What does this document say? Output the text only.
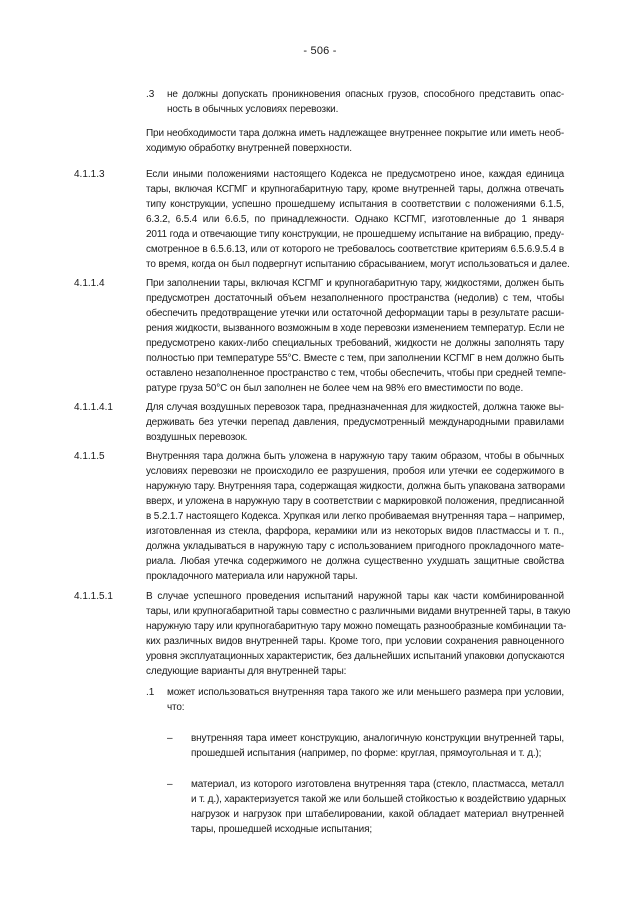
- 506 -
.3 не должны допускать проникновения опасных грузов, способного представить опас-
ность в обычных условиях перевозки.
При необходимости тара должна иметь надлежащее внутреннее покрытие или иметь необ-
ходимую обработку внутренней поверхности.
4.1.1.3	Если иными положениями настоящего Кодекса не предусмотрено иное, каждая единица
тары, включая КСГМГ и крупногабаритную тару, кроме внутренней тары, должна отвечать
типу конструкции, успешно прошедшему испытания в соответствии с положениями 6.1.5,
6.3.2, 6.5.4 или 6.6.5, по принадлежности. Однако КСГМГ, изготовленные до 1 января
2011 года и отвечающие типу конструкции, не прошедшему испытание на вибрацию, преду-
смотренное в 6.5.6.13, или от которого не требовалось соответствие критериям 6.5.6.9.5.4 в
то время, когда он был подвергнут испытанию сбрасыванием, могут использоваться и далее.
4.1.1.4	При заполнении тары, включая КСГМГ и крупногабаритную тару, жидкостями, должен быть
предусмотрен достаточный объем незаполненного пространства (недолив) с тем, чтобы
обеспечить предотвращение утечки или остаточной деформации тары в результате расши-
рения жидкости, вызванного возможным в ходе перевозки изменением температур. Если не
предусмотрено каких-либо специальных требований, жидкости не должны заполнять тару
полностью при температуре 55°C. Вместе с тем, при заполнении КСГМГ в нем должно быть
оставлено незаполненное пространство с тем, чтобы обеспечить, чтобы при средней темпе-
ратуре груза 50°C он был заполнен не более чем на 98% его вместимости по воде.
4.1.1.4.1	Для случая воздушных перевозок тара, предназначенная для жидкостей, должна также вы-
держивать без утечки перепад давления, предусмотренный международными правилами
воздушных перевозок.
4.1.1.5	Внутренняя тара должна быть уложена в наружную тару таким образом, чтобы в обычных
условиях перевозки не происходило ее разрушения, пробоя или утечки ее содержимого в
наружную тару. Внутренняя тара, содержащая жидкости, должна быть упакована затворами
вверх, и уложена в наружную тару в соответствии с маркировкой положения, предписанной
в 5.2.1.7 настоящего Кодекса. Хрупкая или легко пробиваемая внутренняя тара – например,
изготовленная из стекла, фарфора, керамики или из некоторых видов пластмассы и т. п.,
должна укладываться в наружную тару с использованием пригодного прокладочного мате-
риала. Любая утечка содержимого не должна существенно ухудшать защитные свойства
прокладочного материала или наружной тары.
4.1.1.5.1	В случае успешного проведения испытаний наружной тары как части комбинированной
тары, или крупногабаритной тары совместно с различными видами внутренней тары, в такую
наружную тару или крупногабаритную тару можно помещать разнообразные комбинации та-
ких различных видов внутренней тары. Кроме того, при условии сохранения равноценного
уровня эксплуатационных характеристик, без дальнейших испытаний упаковки допускаются
следующие варианты для внутренней тары:
.1 может использоваться внутренняя тара такого же или меньшего размера при условии,
что:
– внутренняя тара имеет конструкцию, аналогичную конструкции внутренней тары,
прошедшей испытания (например, по форме: круглая, прямоугольная и т. д.);
– материал, из которого изготовлена внутренняя тара (стекло, пластмасса, металл
и т. д.), характеризуется такой же или большей стойкостью к воздействию ударных
нагрузок и нагрузок при штабелировании, какой обладает материал внутренней
тары, прошедшей исходные испытания;
